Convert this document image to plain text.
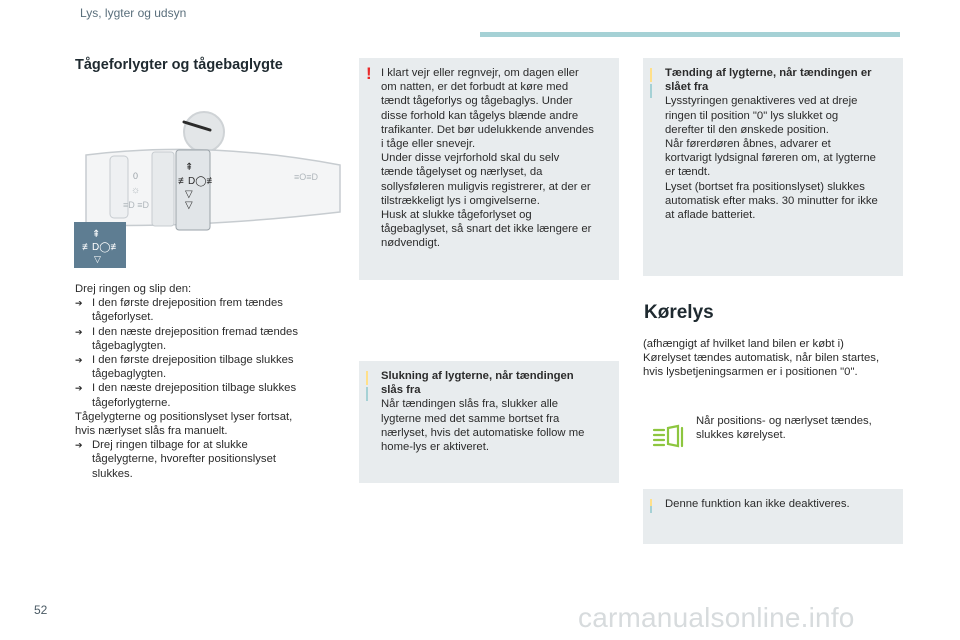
Lys, lygter og udsyn
Tågeforlygter og tågebaglygte
0
☼
≡D ≡D
⇞
≢D◯≢
▽
▽
≡O≡D
⇞
≢D◯≢
▽
Drej ringen og slip den:
➔ I den første drejeposition frem tændes
tågeforlyset.
➔ I den næste drejeposition fremad tændes
tågebaglygten.
➔ I den første drejeposition tilbage slukkes
tågebaglygten.
➔ I den næste drejeposition tilbage slukkes
tågeforlygterne.
Tågelygterne og positionslyset lyser fortsat,
hvis nærlyset slås fra manuelt.
➔ Drej ringen tilbage for at slukke
tågelygterne, hvorefter positionslyset
slukkes.
! I klart vejr eller regnvejr, om dagen eller
om natten, er det forbudt at køre med
tændt tågeforlys og tågebaglys. Under
disse forhold kan tågelys blænde andre
trafikanter. Det bør udelukkende anvendes
i tåge eller snevejr.
Under disse vejrforhold skal du selv
tænde tågelyset og nærlyset, da
sollysføleren muligvis registrerer, at der er
tilstrækkeligt lys i omgivelserne.
Husk at slukke tågeforlyset og
tågebaglyset, så snart det ikke længere er
nødvendigt.
Slukning af lygterne, når tændingen
slås fra
Når tændingen slås fra, slukker alle
lygterne med det samme bortset fra
nærlyset, hvis det automatiske follow me
home-lys er aktiveret.
Tænding af lygterne, når tændingen er
slået fra
Lysstyringen genaktiveres ved at dreje
ringen til position "0" lys slukket og
derefter til den ønskede position.
Når førerdøren åbnes, advarer et
kortvarigt lydsignal føreren om, at lygterne
er tændt.
Lyset (bortset fra positionslyset) slukkes
automatisk efter maks. 30 minutter for ikke
at aflade batteriet.
Kørelys
(afhængigt af hvilket land bilen er købt i)
Kørelyset tændes automatisk, når bilen startes,
hvis lysbetjeningsarmen er i positionen "0".
Når positions- og nærlyset tændes,
slukkes kørelyset.
Denne funktion kan ikke deaktiveres.
52	carmanualsonline.info
